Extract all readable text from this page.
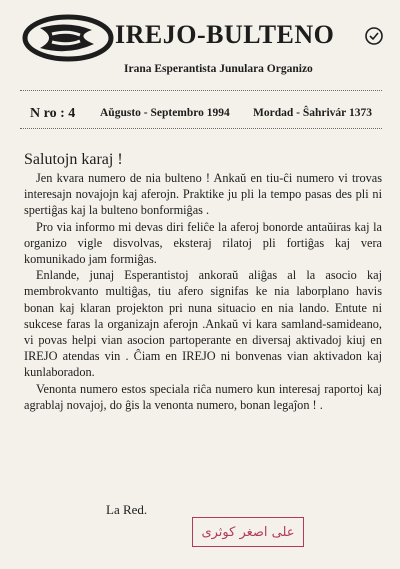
IREJO-BULTENO
Irana Esperantista Junulara Organizo
N ro : 4 Aŭgusto - Septembro 1994 Mordad - Ŝahrivár 1373
Salutojn karaj !

Jen kvara numero de nia bulteno ! Ankaŭ en tiu-ĉi numero vi trovas interesajn novajojn kaj aferojn. Praktike ju pli la tempo pasas des pli ni spertiĝas kaj la bulteno bonformiĝas .

Pro via informo mi devas diri feliĉe la aferoj bonorde antaŭiras kaj la organizo vigle disvolvas, eksteraj rilatoj pli fortiĝas kaj vera komunikado jam formiĝas.

Enlande, junaj Esperantistoj ankoraŭ aliĝas al la asocio kaj membrokvanto multiĝas, tiu afero signifas ke nia laborplano havis bonan kaj klaran projekton pri nuna situacio en nia lando. Entute ni sukcese faras la organizajn aferojn .Ankaŭ vi kara samland-samideano, vi povas helpi vian asocion partoperante en diversaj aktivadoj kiuj en IREJO atendas vin . Ĉiam en IREJO ni bonvenas vian aktivadon kaj kunlaboradon.

Venonta numero estos speciala riĉa numero kun interesaj raportoj kaj agrablaj novajoj, do ĝis la venonta numero, bonan legaĵon ! .

La Red.
علی اصغر کوثری
